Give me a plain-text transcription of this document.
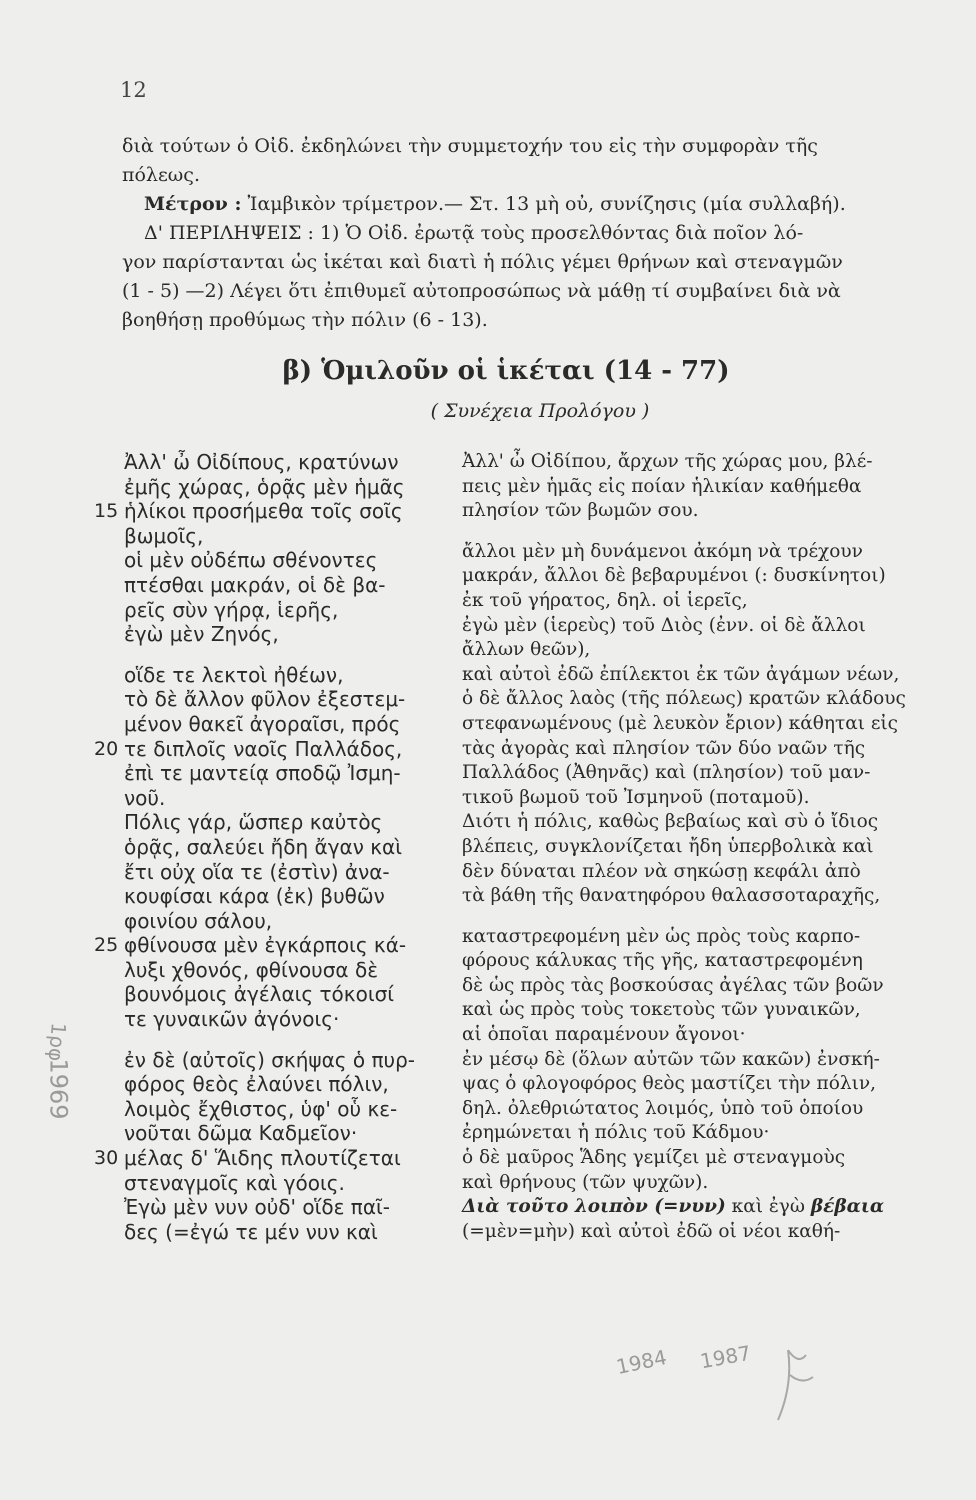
12

διὰ τούτων ὁ Οἰδ. ἐκδηλώνει τὴν συμμετοχήν του εἰς τὴν συμφορὰν τῆς

πόλεως.

Μέτρον : Ἰαμβικὸν τρίμετρον.— Στ. 13 μὴ οὐ, συνίζησις (μία συλλαβή).

Δ' ΠΕΡΙΛΗΨΕΙΣ : 1) Ὁ Οἰδ. ἐρωτᾷ τοὺς προσελθόντας διὰ ποῖον λό-

γον παρίστανται ὡς ἱκέται καὶ διατὶ ἡ πόλις γέμει θρήνων καὶ στεναγμῶν

(1 - 5) —2) Λέγει ὅτι ἐπιθυμεῖ αὐτοπροσώπως νὰ μάθῃ τί συμβαίνει διὰ νὰ

βοηθήσῃ προθύμως τὴν πόλιν (6 - 13).

β) Ὁμιλοῦν οἱ ἱκέται (14 - 77)
( Συνέχεια Προλόγου )
Ἀλλ' ὦ Οἰδίπους, κρατύνων
ἐμῆς χώρας, ὁρᾷς μὲν ἡμᾶς
15 ἡλίκοι προσήμεθα τοῖς σοῖς
βωμοῖς,
οἱ μὲν οὐδέπω σθένοντες
πτέσθαι μακράν, οἱ δὲ βα-
ρεῖς σὺν γήρᾳ, ἱερῆς,
ἐγὼ μὲν Ζηνός,
οἵδε τε λεκτοὶ ἠθέων,
τὸ δὲ ἄλλον φῦλον ἐξεστεμ-
μένον θακεῖ ἀγοραῖσι, πρός
20 τε διπλοῖς ναοῖς Παλλάδος,
ἐπὶ τε μαντείᾳ σποδῷ Ἰσμη-
νοῦ.
Πόλις γάρ, ὥσπερ καὐτὸς
ὁρᾷς, σαλεύει ἤδη ἄγαν καὶ
ἔτι οὐχ οἵα τε (ἐστὶν) ἀνα-
κουφίσαι κάρα (ἐκ) βυθῶν
φοινίου σάλου,
25 φθίνουσα μὲν ἐγκάρποις κά-
λυξι χθονός, φθίνουσα δὲ
βουνόμοις ἀγέλαις τόκοισί
τε γυναικῶν ἀγόνοις·
ἐν δὲ (αὐτοῖς) σκήψας ὁ πυρ-
φόρος θεὸς ἐλαύνει πόλιν,
λοιμὸς ἔχθιστος, ὑφ' οὗ κε-
νοῦται δῶμα Καδμεῖον·
30 μέλας δ' Ἅιδης πλουτίζεται
στεναγμοῖς καὶ γόοις.
Ἐγὼ μὲν νυν οὐδ' οἵδε παῖ-
δες (=ἐγώ τε μέν νυν καὶ
Ἀλλ' ὦ Οἰδίπου, ἄρχων τῆς χώρας μου, βλέ-
πεις μὲν ἡμᾶς εἰς ποίαν ἡλικίαν καθήμεθα
πλησίον τῶν βωμῶν σου.
ἄλλοι μὲν μὴ δυνάμενοι ἀκόμη νὰ τρέχουν
μακράν, ἄλλοι δὲ βεβαρυμένοι (: δυσκίνητοι)
ἐκ τοῦ γήρατος, δηλ. οἱ ἱερεῖς,
ἐγὼ μὲν (ἱερεὺς) τοῦ Διὸς (ἐνν. οἱ δὲ ἄλλοι
ἄλλων θεῶν),
καὶ αὐτοὶ ἐδῶ ἐπίλεκτοι ἐκ τῶν ἀγάμων νέων,
ὁ δὲ ἄλλος λαὸς (τῆς πόλεως) κρατῶν κλάδους
στεφανωμένους (μὲ λευκὸν ἔριον) κάθηται εἰς
τὰς ἀγορὰς καὶ πλησίον τῶν δύο ναῶν τῆς
Παλλάδος (Ἀθηνᾶς) καὶ (πλησίον) τοῦ μαν-
τικοῦ βωμοῦ τοῦ Ἰσμηνοῦ (ποταμοῦ).
Διότι ἡ πόλις, καθὼς βεβαίως καὶ σὺ ὁ ἴδιος
βλέπεις, συγκλονίζεται ἤδη ὑπερβολικὰ καὶ
δὲν δύναται πλέον νὰ σηκώσῃ κεφάλι ἀπὸ
τὰ βάθη τῆς θανατηφόρου θαλασσοταραχῆς,
καταστρεφομένη μὲν ὡς πρὸς τοὺς καρπο-
φόρους κάλυκας τῆς γῆς, καταστρεφομένη
δὲ ὡς πρὸς τὰς βοσκούσας ἀγέλας τῶν βοῶν
καὶ ὡς πρὸς τοὺς τοκετοὺς τῶν γυναικῶν,
αἱ ὁποῖαι παραμένουν ἄγονοι·
ἐν μέσῳ δὲ (ὅλων αὐτῶν τῶν κακῶν) ἐνσκή-
ψας ὁ φλογοφόρος θεὸς μαστίζει τὴν πόλιν,
δηλ. ὀλεθριώτατος λοιμός, ὑπὸ τοῦ ὁποίου
ἐρημώνεται ἡ πόλις τοῦ Κάδμου·
ὁ δὲ μαῦρος Ἅδης γεμίζει μὲ στεναγμοὺς
καὶ θρήνους (τῶν ψυχῶν).
Διὰ τοῦτο λοιπὸν (=νυν) καὶ ἐγὼ βέβαια
(=μὲν=μὴν) καὶ αὐτοὶ ἐδῶ οἱ νέοι καθή-
1ρφ
1969
1984 1987
